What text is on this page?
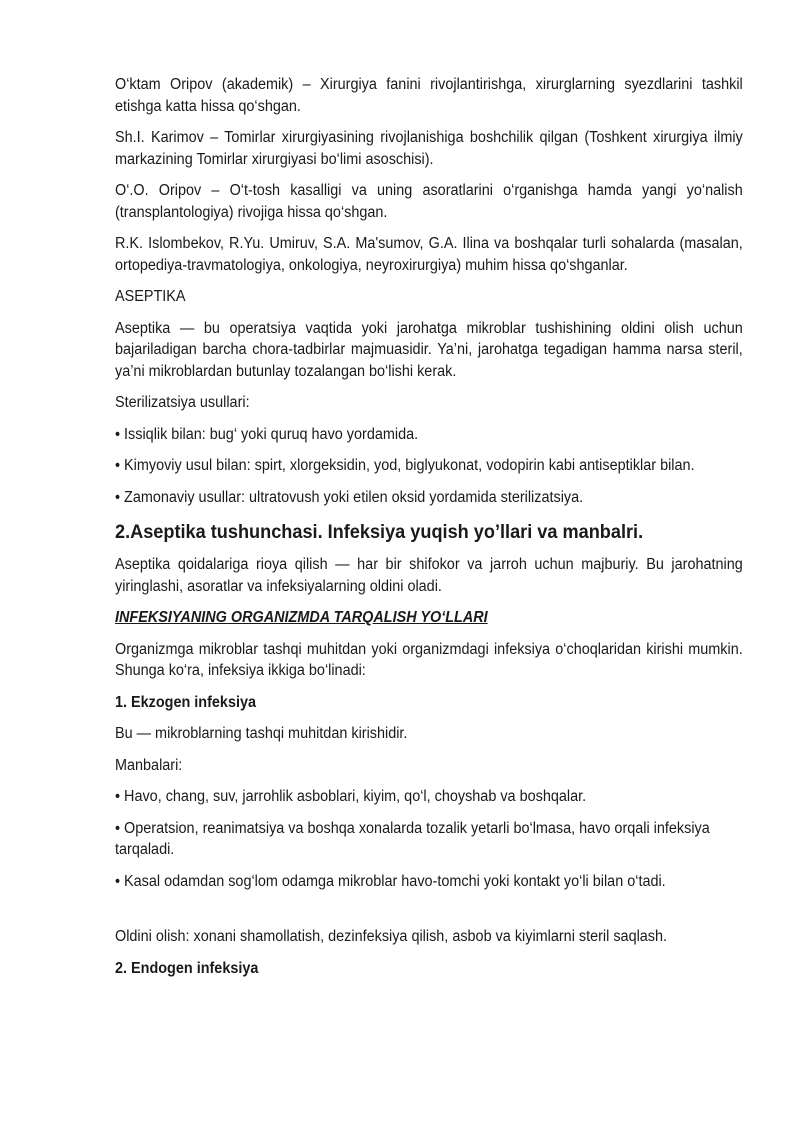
O‘ktam Oripov (akademik) – Xirurgiya fanini rivojlantirishga, xirurglarning syezdlarini tashkil etishga katta hissa qo‘shgan.

Sh.I. Karimov – Tomirlar xirurgiyasining rivojlanishiga boshchilik qilgan (Toshkent xirurgiya ilmiy markazining Tomirlar xirurgiyasi bo‘limi asoschisi).

O‘.O. Oripov – O‘t-tosh kasalligi va uning asoratlarini o‘rganishga hamda yangi yo‘nalish (transplantologiya) rivojiga hissa qo‘shgan.

R.K. Islombekov, R.Yu. Umiruv, S.A. Ma'sumov, G.A. Ilina va boshqalar turli sohalarda (masalan, ortopediya-travmatologiya, onkologiya, neyroxirurgiya) muhim hissa qo‘shganlar.

ASEPTIKA

Aseptika — bu operatsiya vaqtida yoki jarohatga mikroblar tushishining oldini olish uchun bajariladigan barcha chora-tadbirlar majmuasidir. Ya’ni, jarohatga tegadigan hamma narsa steril, ya’ni mikroblardan butunlay tozalangan bo‘lishi kerak.

Sterilizatsiya usullari:

• Issiqlik bilan: bug‘ yoki quruq havo yordamida.

• Kimyoviy usul bilan: spirt, xlorgeksidin, yod, biglyukonat, vodopirin kabi antiseptiklar bilan.

• Zamonaviy usullar: ultratovush yoki etilen oksid yordamida sterilizatsiya.

2.Aseptika tushunchasi. Infeksiya yuqish yo’llari va manbalri.

Aseptika qoidalariga rioya qilish — har bir shifokor va jarroh uchun majburiy. Bu jarohatning yiringlashi, asoratlar va infeksiyalarning oldini oladi.

INFEKSIYANING ORGANIZMDA TARQALISH YO‘LLARI

Organizmga mikroblar tashqi muhitdan yoki organizmdagi infeksiya o‘choqlaridan kirishi mumkin. Shunga ko‘ra, infeksiya ikkiga bo‘linadi:

1. Ekzogen infeksiya

Bu — mikroblarning tashqi muhitdan kirishidir.

Manbalari:

• Havo, chang, suv, jarrohlik asboblari, kiyim, qo‘l, choyshab va boshqalar.

• Operatsion, reanimatsiya va boshqa xonalarda tozalik yetarli bo‘lmasa, havo orqali infeksiya tarqaladi.

• Kasal odamdan sog‘lom odamga mikroblar havo-tomchi yoki kontakt yo‘li bilan o‘tadi.

Oldini olish: xonani shamollatish, dezinfeksiya qilish, asbob va kiyimlarni steril saqlash.

2. Endogen infeksiya
